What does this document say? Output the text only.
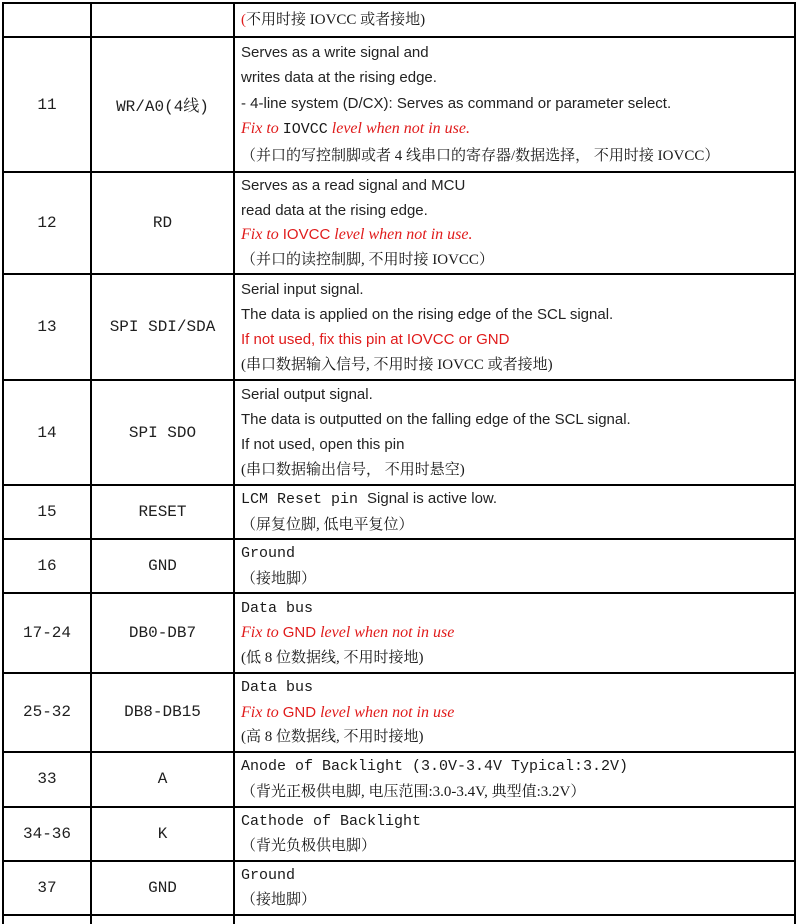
		(不用时接 IOVCC 或者接地)

11	WR/A0(4线)	Serves as a write signal and
writes data at the rising edge.
- 4-line system (D/CX): Serves as command or parameter select.
Fix to IOVCC level when not in use.
（并口的写控制脚或者 4 线串口的寄存器/数据选择， 不用时接 IOVCC）

12	RD	Serves as a read signal and MCU
read data at the rising edge.
Fix to IOVCC level when not in use.
（并口的读控制脚, 不用时接 IOVCC）

13	SPI SDI/SDA	Serial input signal.
The data is applied on the rising edge of the SCL signal.
If not used, fix this pin at IOVCC or GND
(串口数据输入信号, 不用时接 IOVCC 或者接地)

14	SPI SDO	Serial output signal.
The data is outputted on the falling edge of the SCL signal.
If not used, open this pin
(串口数据输出信号， 不用时悬空)

15	RESET	LCM Reset pin Signal is active low.
（屏复位脚, 低电平复位）

16	GND	Ground
（接地脚）

17-24	DB0-DB7	Data bus
Fix to GND level when not in use
(低 8 位数据线, 不用时接地)

25-32	DB8-DB15	Data bus
Fix to GND level when not in use
(高 8 位数据线, 不用时接地)

33	A	Anode of Backlight (3.0V-3.4V Typical:3.2V)
（背光正极供电脚, 电压范围:3.0-3.4V, 典型值:3.2V）

34-36	K	Cathode of Backlight
（背光负极供电脚）

37	GND	Ground
（接地脚）
